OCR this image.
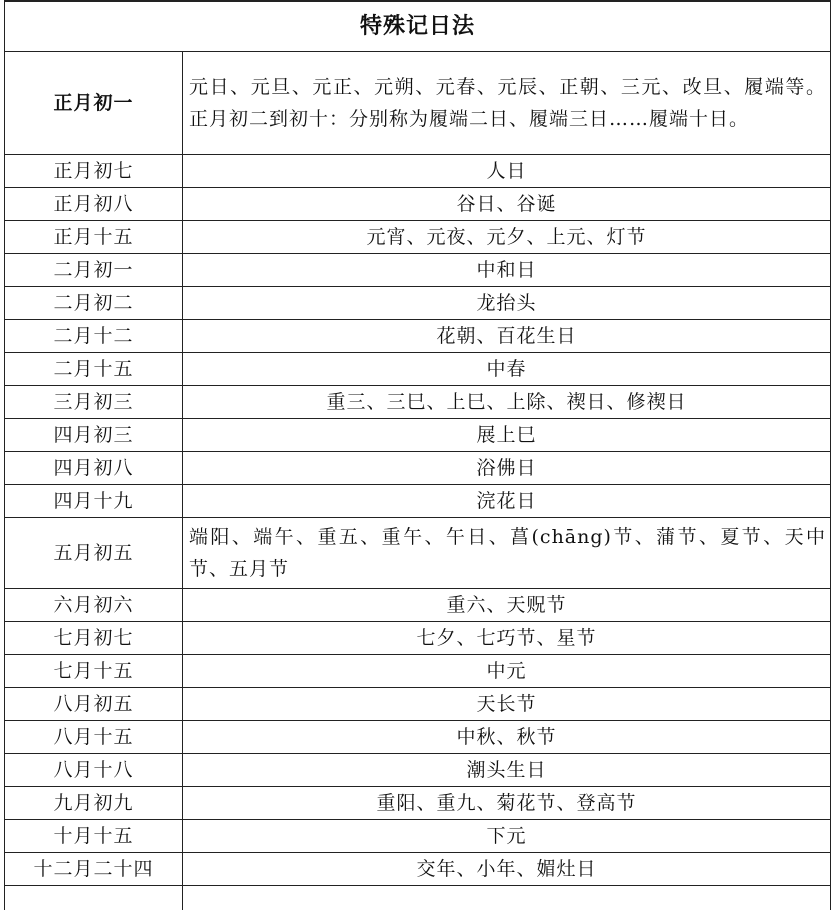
特殊记日法	
正月初一	元日、元旦、元正、元朔、元春、元辰、正朝、三元、改旦、履端等。正月初二到初十：分别称为履端二日、履端三日……履端十日。
正月初七	人日
正月初八	谷日、谷诞
正月十五	元宵、元夜、元夕、上元、灯节
二月初一	中和日
二月初二	龙抬头
二月十二	花朝、百花生日
二月十五	中春
三月初三	重三、三巳、上巳、上除、禊日、修禊日
四月初三	展上巳
四月初八	浴佛日
四月十九	浣花日
五月初五	端阳、端午、重五、重午、午日、菖(chāng)节、蒲节、夏节、天中节、五月节
六月初六	重六、天贶节
七月初七	七夕、七巧节、星节
七月十五	中元
八月初五	天长节
八月十五	中秋、秋节
八月十八	潮头生日
九月初九	重阳、重九、菊花节、登高节
十月十五	下元
十二月二十四	交年、小年、媚灶日
